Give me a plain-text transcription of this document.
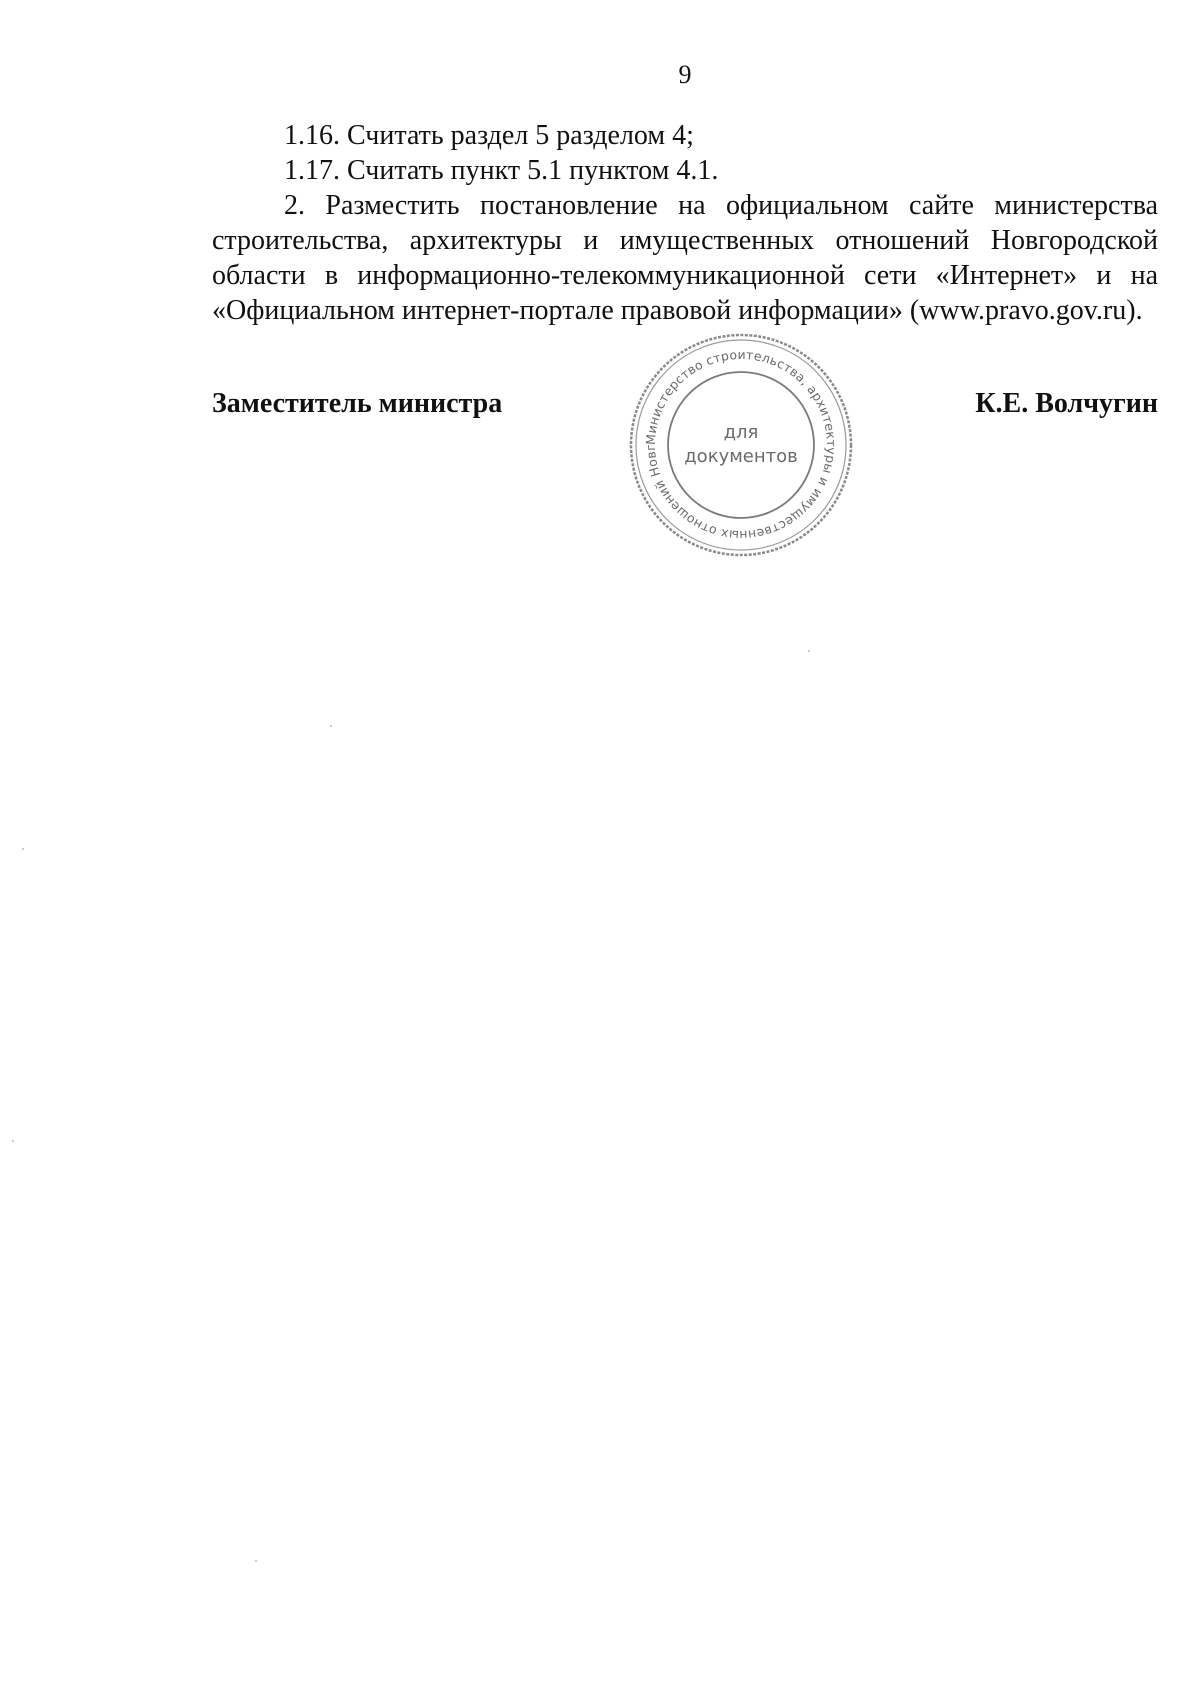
9

1.16. Считать раздел 5 разделом 4;

1.17. Считать пункт 5.1 пунктом 4.1.

2. Разместить постановление на официальном сайте министерства строительства, архитектуры и имущественных отношений Новгородской области в информационно-телекоммуникационной сети «Интернет» и на «Официальном интернет-портале правовой информации» (www.pravo.gov.ru).

Заместитель министра	К.Е. Волчугин
Министерство строительства, архитектуры и имущественных отношений Новг
для
документов
